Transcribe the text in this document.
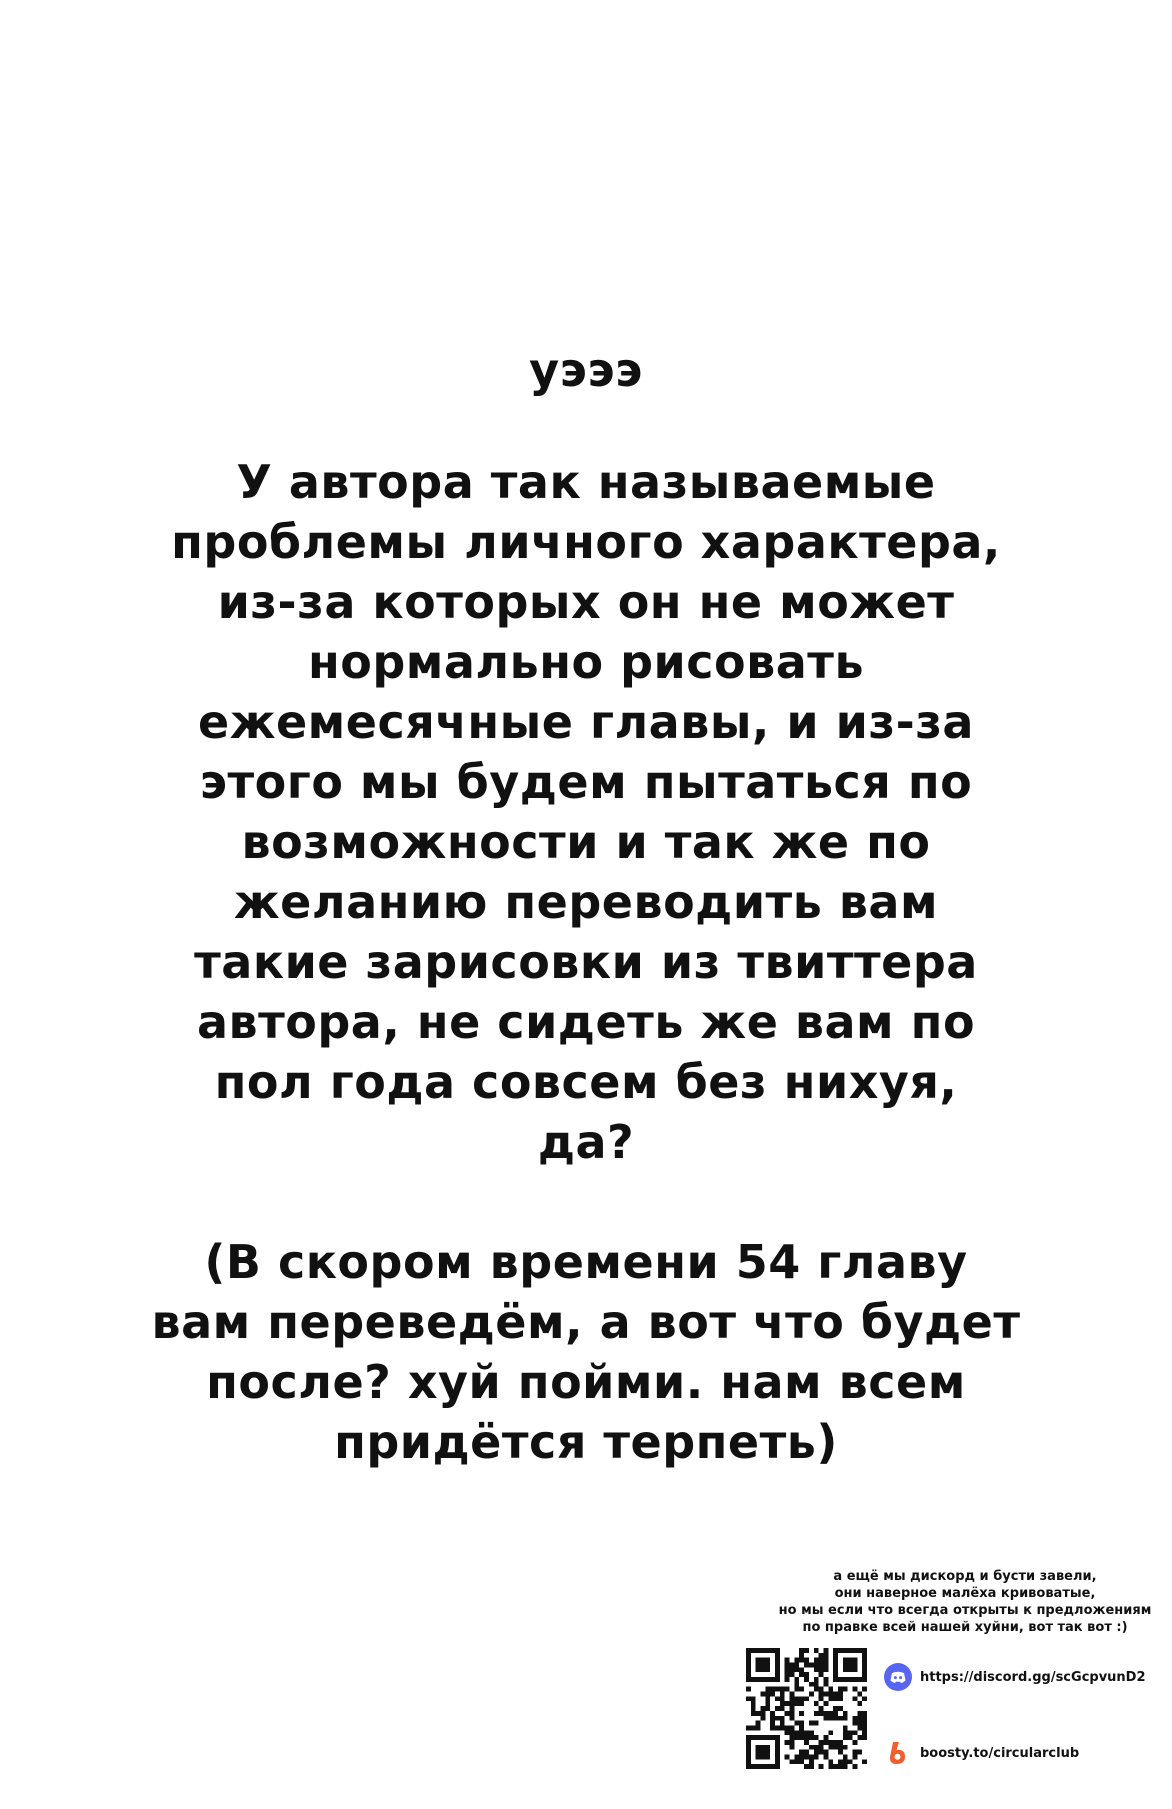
уэээ
У автора так называемые
проблемы личного характера,
из-за которых он не может
нормально рисовать
ежемесячные главы, и из-за
этого мы будем пытаться по
возможности и так же по
желанию переводить вам
такие зарисовки из твиттера
автора, не сидеть же вам по
пол года совсем без нихуя,
да?
(В скором времени 54 главу
вам переведём, а вот что будет
после? хуй пойми. нам всем
придётся терпеть)
а ещё мы дискорд и бусти завели,
они наверное малёха кривоватые,
но мы если что всегда открыты к предложениям
по правке всей нашей хуйни, вот так вот :)
https://discord.gg/scGcpvunD2
boosty.to/circularclub
